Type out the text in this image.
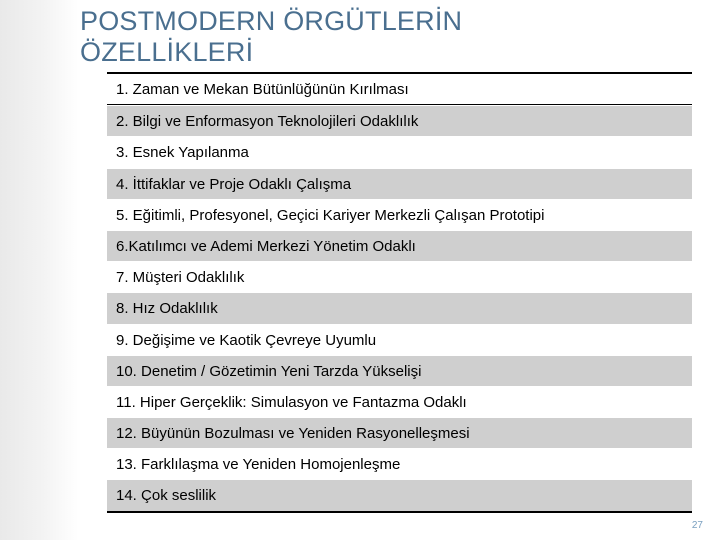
POSTMODERN ÖRGÜTLERİN
ÖZELLİKLERİ
1. Zaman ve Mekan Bütünlüğünün Kırılması
2. Bilgi ve Enformasyon Teknolojileri Odaklılık
3. Esnek Yapılanma
4. İttifaklar ve Proje Odaklı Çalışma
5. Eğitimli, Profesyonel, Geçici Kariyer Merkezli Çalışan Prototipi
6.Katılımcı ve Ademi Merkezi Yönetim Odaklı
7. Müşteri Odaklılık
8. Hız Odaklılık
9. Değişime ve Kaotik Çevreye Uyumlu
10. Denetim / Gözetimin Yeni Tarzda Yükselişi
11. Hiper Gerçeklik: Simulasyon ve Fantazma Odaklı
12. Büyünün Bozulması ve Yeniden Rasyonelleşmesi
13. Farklılaşma ve Yeniden Homojenleşme
14. Çok seslilik
27
